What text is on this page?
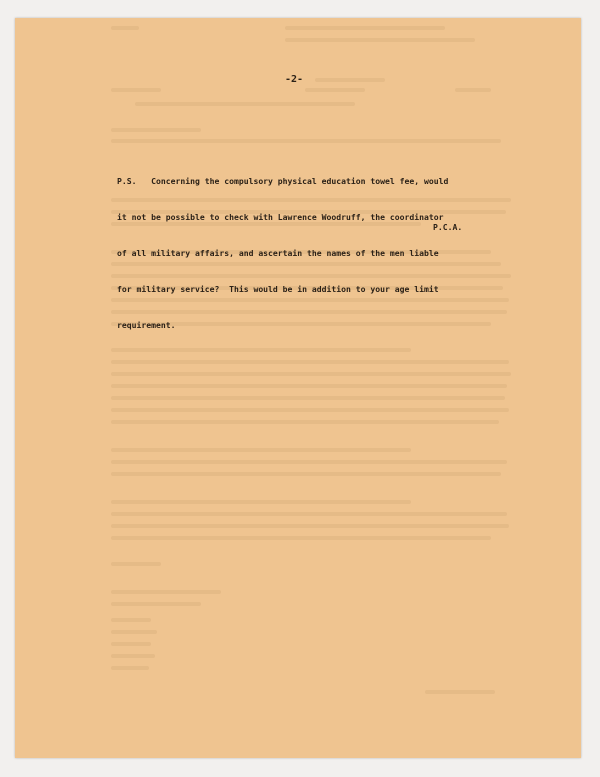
-2-

P.S.   Concerning the compulsory physical education towel fee, would

it not be possible to check with Lawrence Woodruff, the coordinator

of all military affairs, and ascertain the names of the men liable

for military service?  This would be in addition to your age limit

requirement.

P.C.A.
